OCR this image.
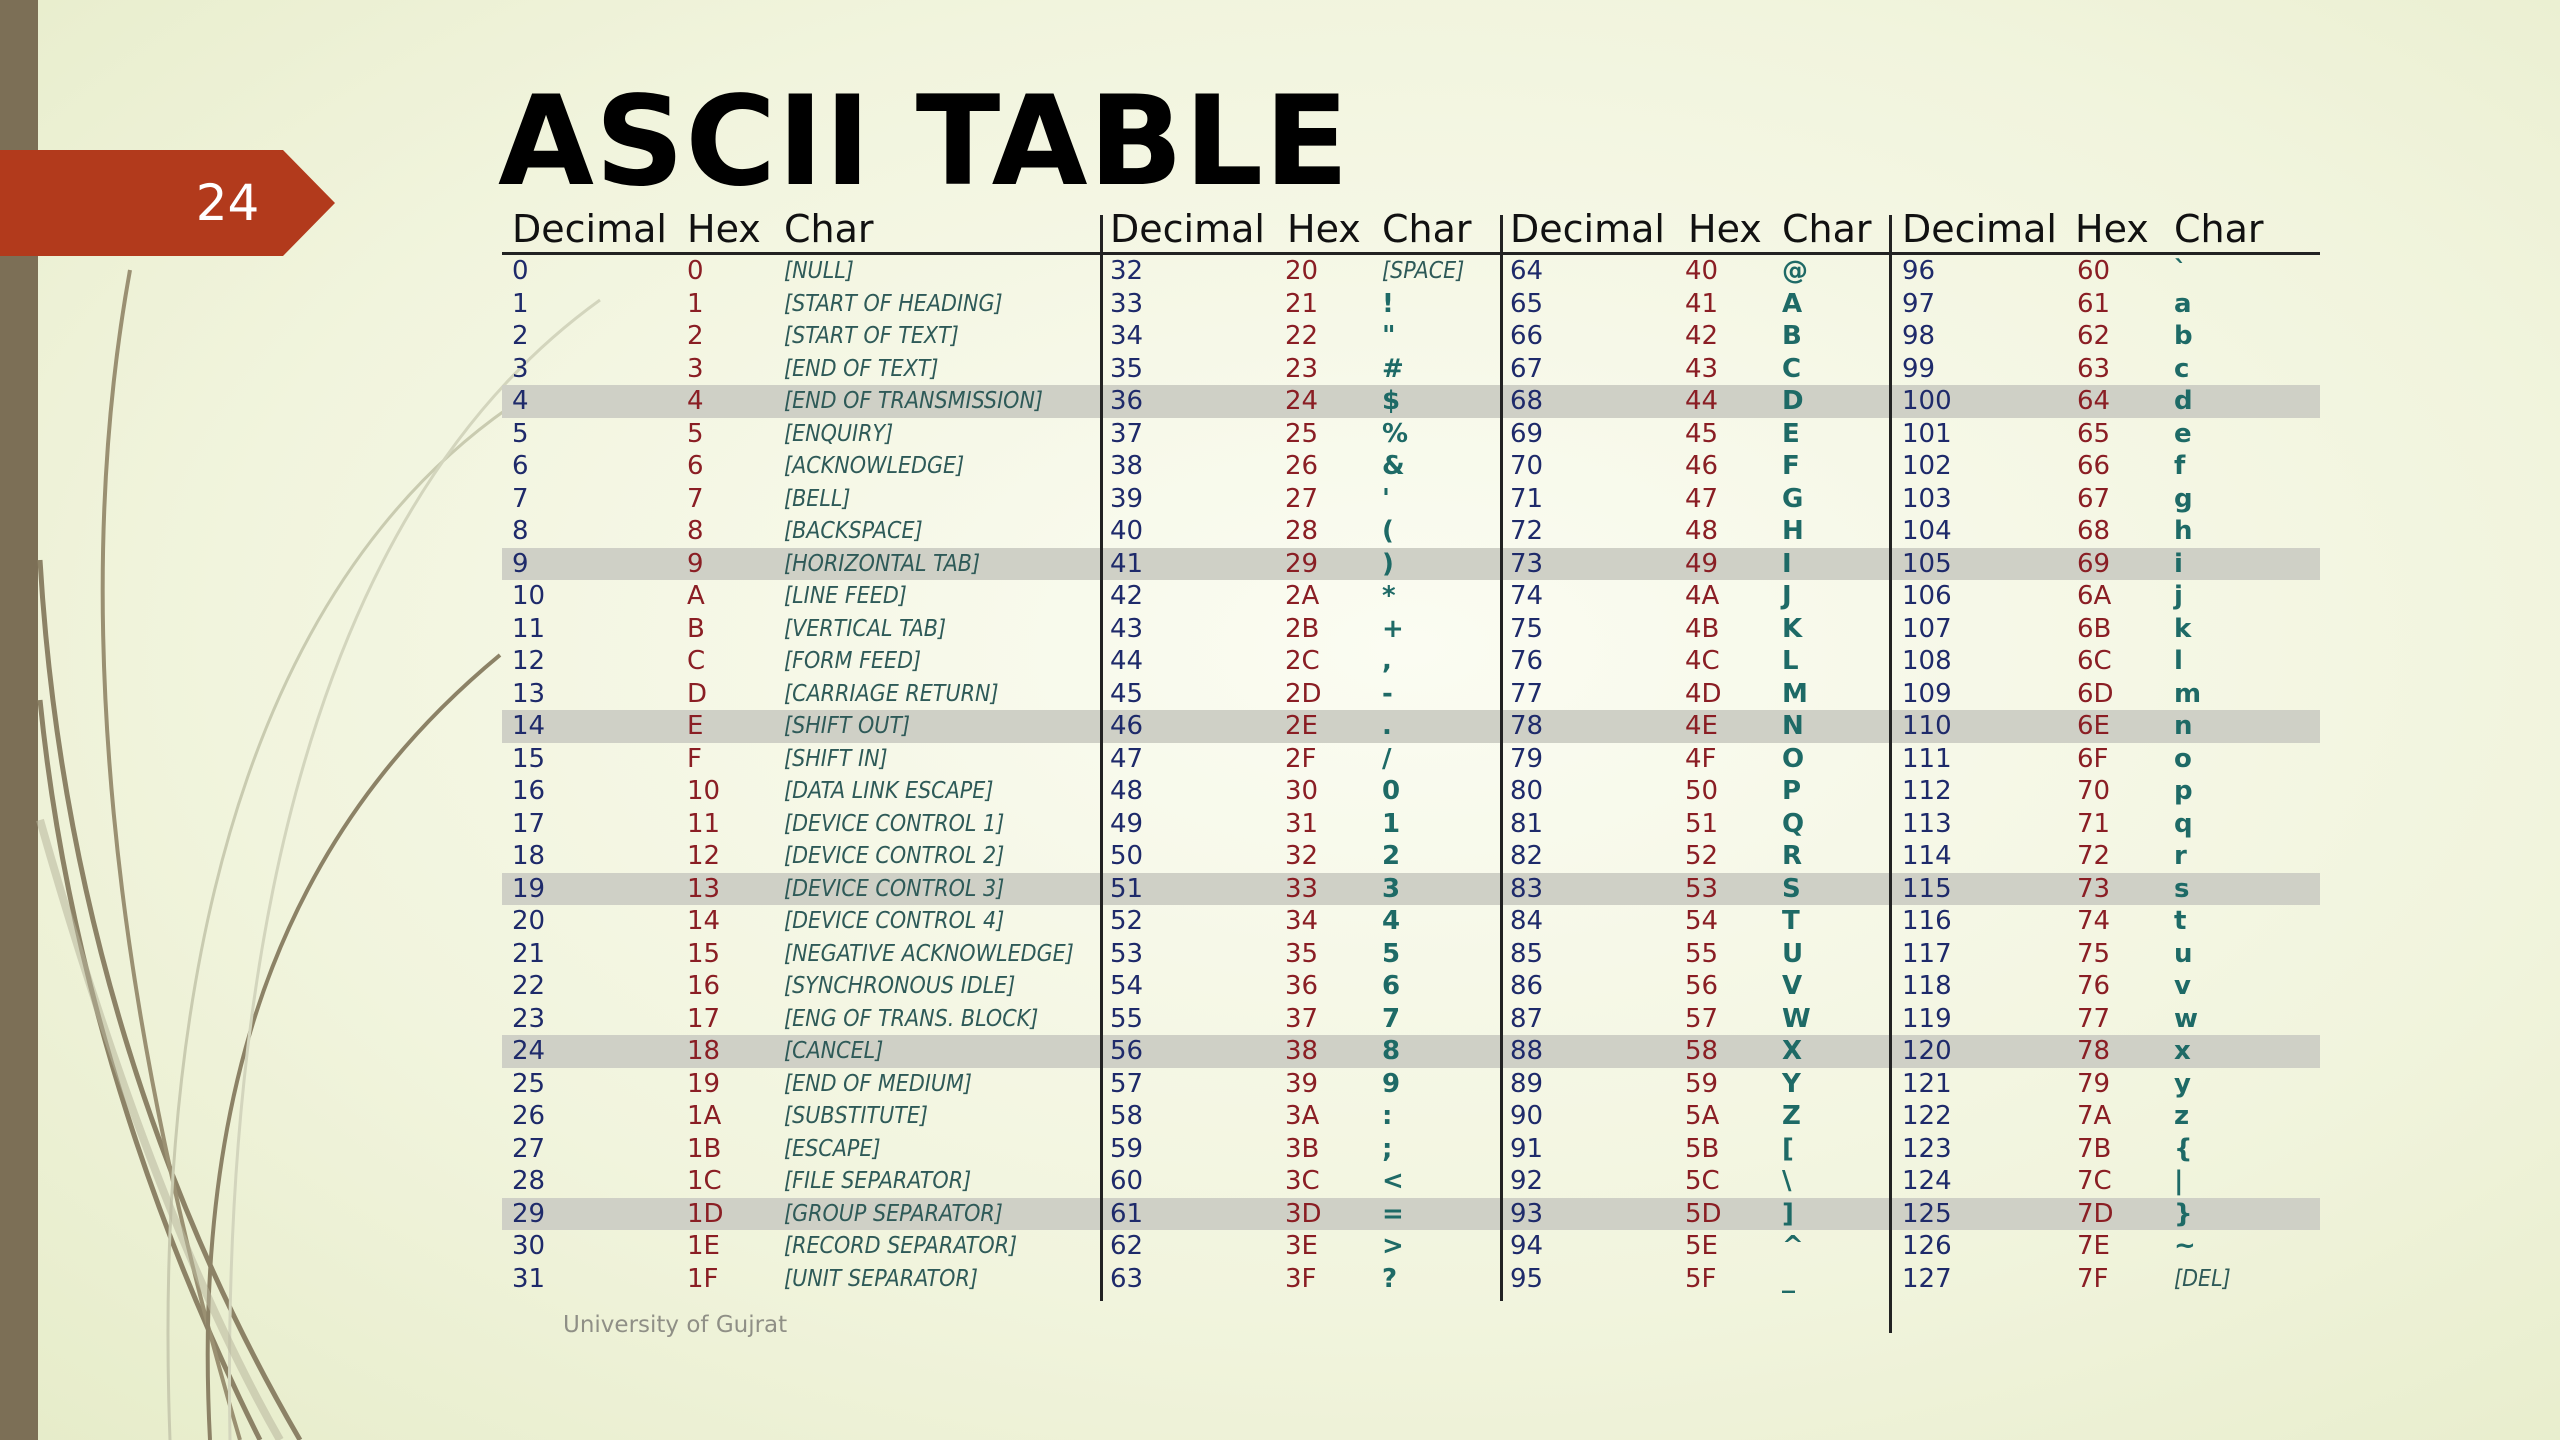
24 ASCII TABLE
Decimal Hex Char	Decimal Hex Char Decimal Hex Char Decimal Hex Char
0	0	[NULL]	32	20	[SPACE] 64	40 @	96	60 `
1	1	[START OF HEADING]	33	21 !	65	41 A	97	61 a
2	2	[START OF TEXT]	34	22 "	66	42 B	98	62 b
3	3	[END OF TEXT]	35	23 #	67	43 C	99	63 c
4	4	[END OF TRANSMISSION]	36	24 $	68	44 D	100	64 d
5	5	[ENQUIRY]	37	25 %	69	45 E	101	65 e
6	6	[ACKNOWLEDGE]	38	26 &	70	46 F	102	66 f
7	7	[BELL]	39	27 '	71	47 G	103	67 g
8	8	[BACKSPACE]	40	28 (	72	48 H	104	68 h
9	9	[HORIZONTAL TAB]	41	29 )	73	49 I	105	69 i
10	A	[LINE FEED]	42	2A *	74	4A J	106	6A j
11	B	[VERTICAL TAB]	43	2B +	75	4B K	107	6B k
12	C	[FORM FEED]	44	2C ,	76	4C L	108	6C l
13	D	[CARRIAGE RETURN]	45	2D -	77	4D M	109	6D m
14	E	[SHIFT OUT]	46	2E .	78	4E N	110	6E n
15	F	[SHIFT IN]	47	2F	/	79	4F	O	111	6F	o
16	10	[DATA LINK ESCAPE]	48	30 0	80	50 P	112	70 p
17	11	[DEVICE CONTROL 1]	49	31 1	81	51 Q	113	71 q
18	12	[DEVICE CONTROL 2]	50	32 2	82	52 R	114	72 r
19	13	[DEVICE CONTROL 3]	51	33 3	83	53 S	115	73 s
20	14	[DEVICE CONTROL 4]	52	34 4	84	54 T	116	74 t
21	15	[NEGATIVE ACKNOWLEDGE] 53	35 5	85	55 U	117	75 u
22	16	[SYNCHRONOUS IDLE]	54	36 6	86	56 V	118	76 v
23	17	[ENG OF TRANS. BLOCK]	55	37 7	87	57 W	119	77 w
24	18	[CANCEL]	56	38 8	88	58 X	120	78 x
25	19	[END OF MEDIUM]	57	39 9	89	59 Y	121	79 y
26	1A	[SUBSTITUTE]	58	3A :	90	5A Z	122	7A z
27	1B	[ESCAPE]	59	3B ;	91	5B [	123	7B {
28	1C	[FILE SEPARATOR]	60	3C <	92	5C \	124	7C |
29	1D	[GROUP SEPARATOR]	61	3D =	93	5D ]	125	7D }
30	1E	[RECORD SEPARATOR]	62	3E >	94	5E ^	126	7E ~
31	1F	[UNIT SEPARATOR]	63	3F	?	95	5F	_	127	7F	[DEL]
University of Gujrat
